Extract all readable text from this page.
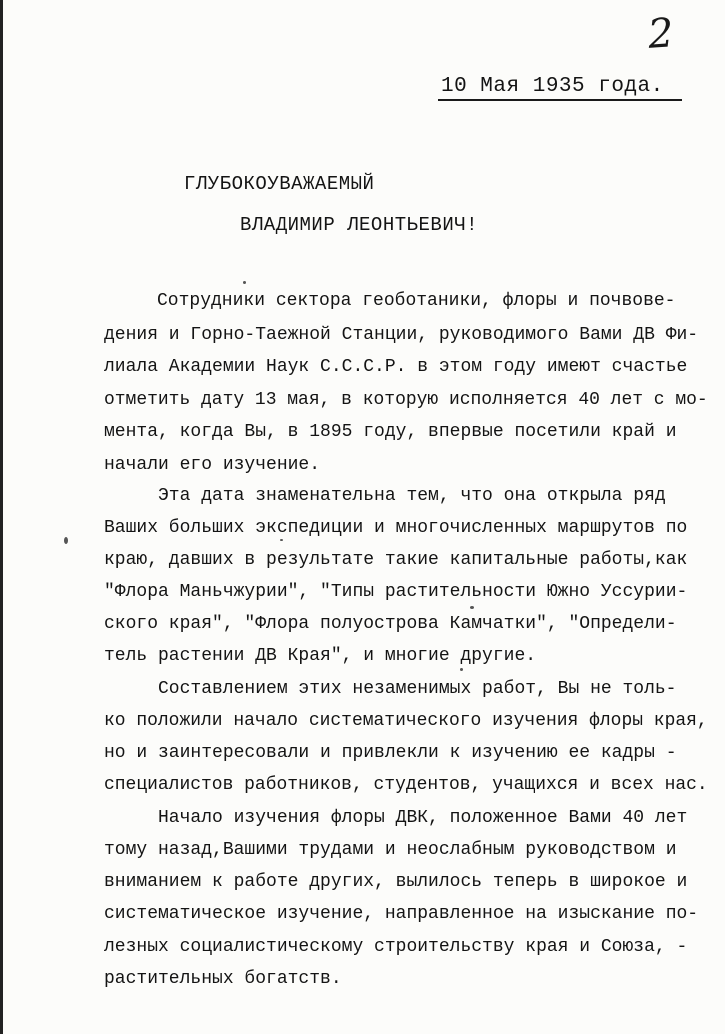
2
10 Мая 1935 года.
ГЛУБОКОУВАЖАЕМЫЙ
ВЛАДИМИР ЛЕОНТЬЕВИЧ!
Сотрудники сектора геоботаники, флоры и почвове-
дения и Горно-Таежной Станции, руководимого Вами ДВ Фи-
лиала Академии Наук С.С.С.Р. в этом году имеют счастье
отметить дату 13 мая, в которую исполняется 40 лет с мо-
мента, когда Вы, в 1895 году, впервые посетили край и
начали его изучение.
Эта дата знаменательна тем, что она открыла ряд
Ваших больших экспедиции и многочисленных маршрутов по
краю, давших в результате такие капитальные работы,как
"Флора Маньчжурии", "Типы растительности Южно Уссурии-
ского края", "Флора полуострова Камчатки", "Определи-
тель растении ДВ Края", и многие другие.
Составлением этих незаменимых работ, Вы не толь-
ко положили начало систематического изучения флоры края,
но и заинтересовали и привлекли к изучению ее кадры -
специалистов работников, студентов, учащихся и всех нас.
Начало изучения флоры ДВК, положенное Вами 40 лет
тому назад,Вашими трудами и неослабным руководством и
вниманием к работе других, вылилось теперь в широкое и
систематическое изучение, направленное на изыскание по-
лезных социалистическому строительству края и Союза, -
растительных богатств.
